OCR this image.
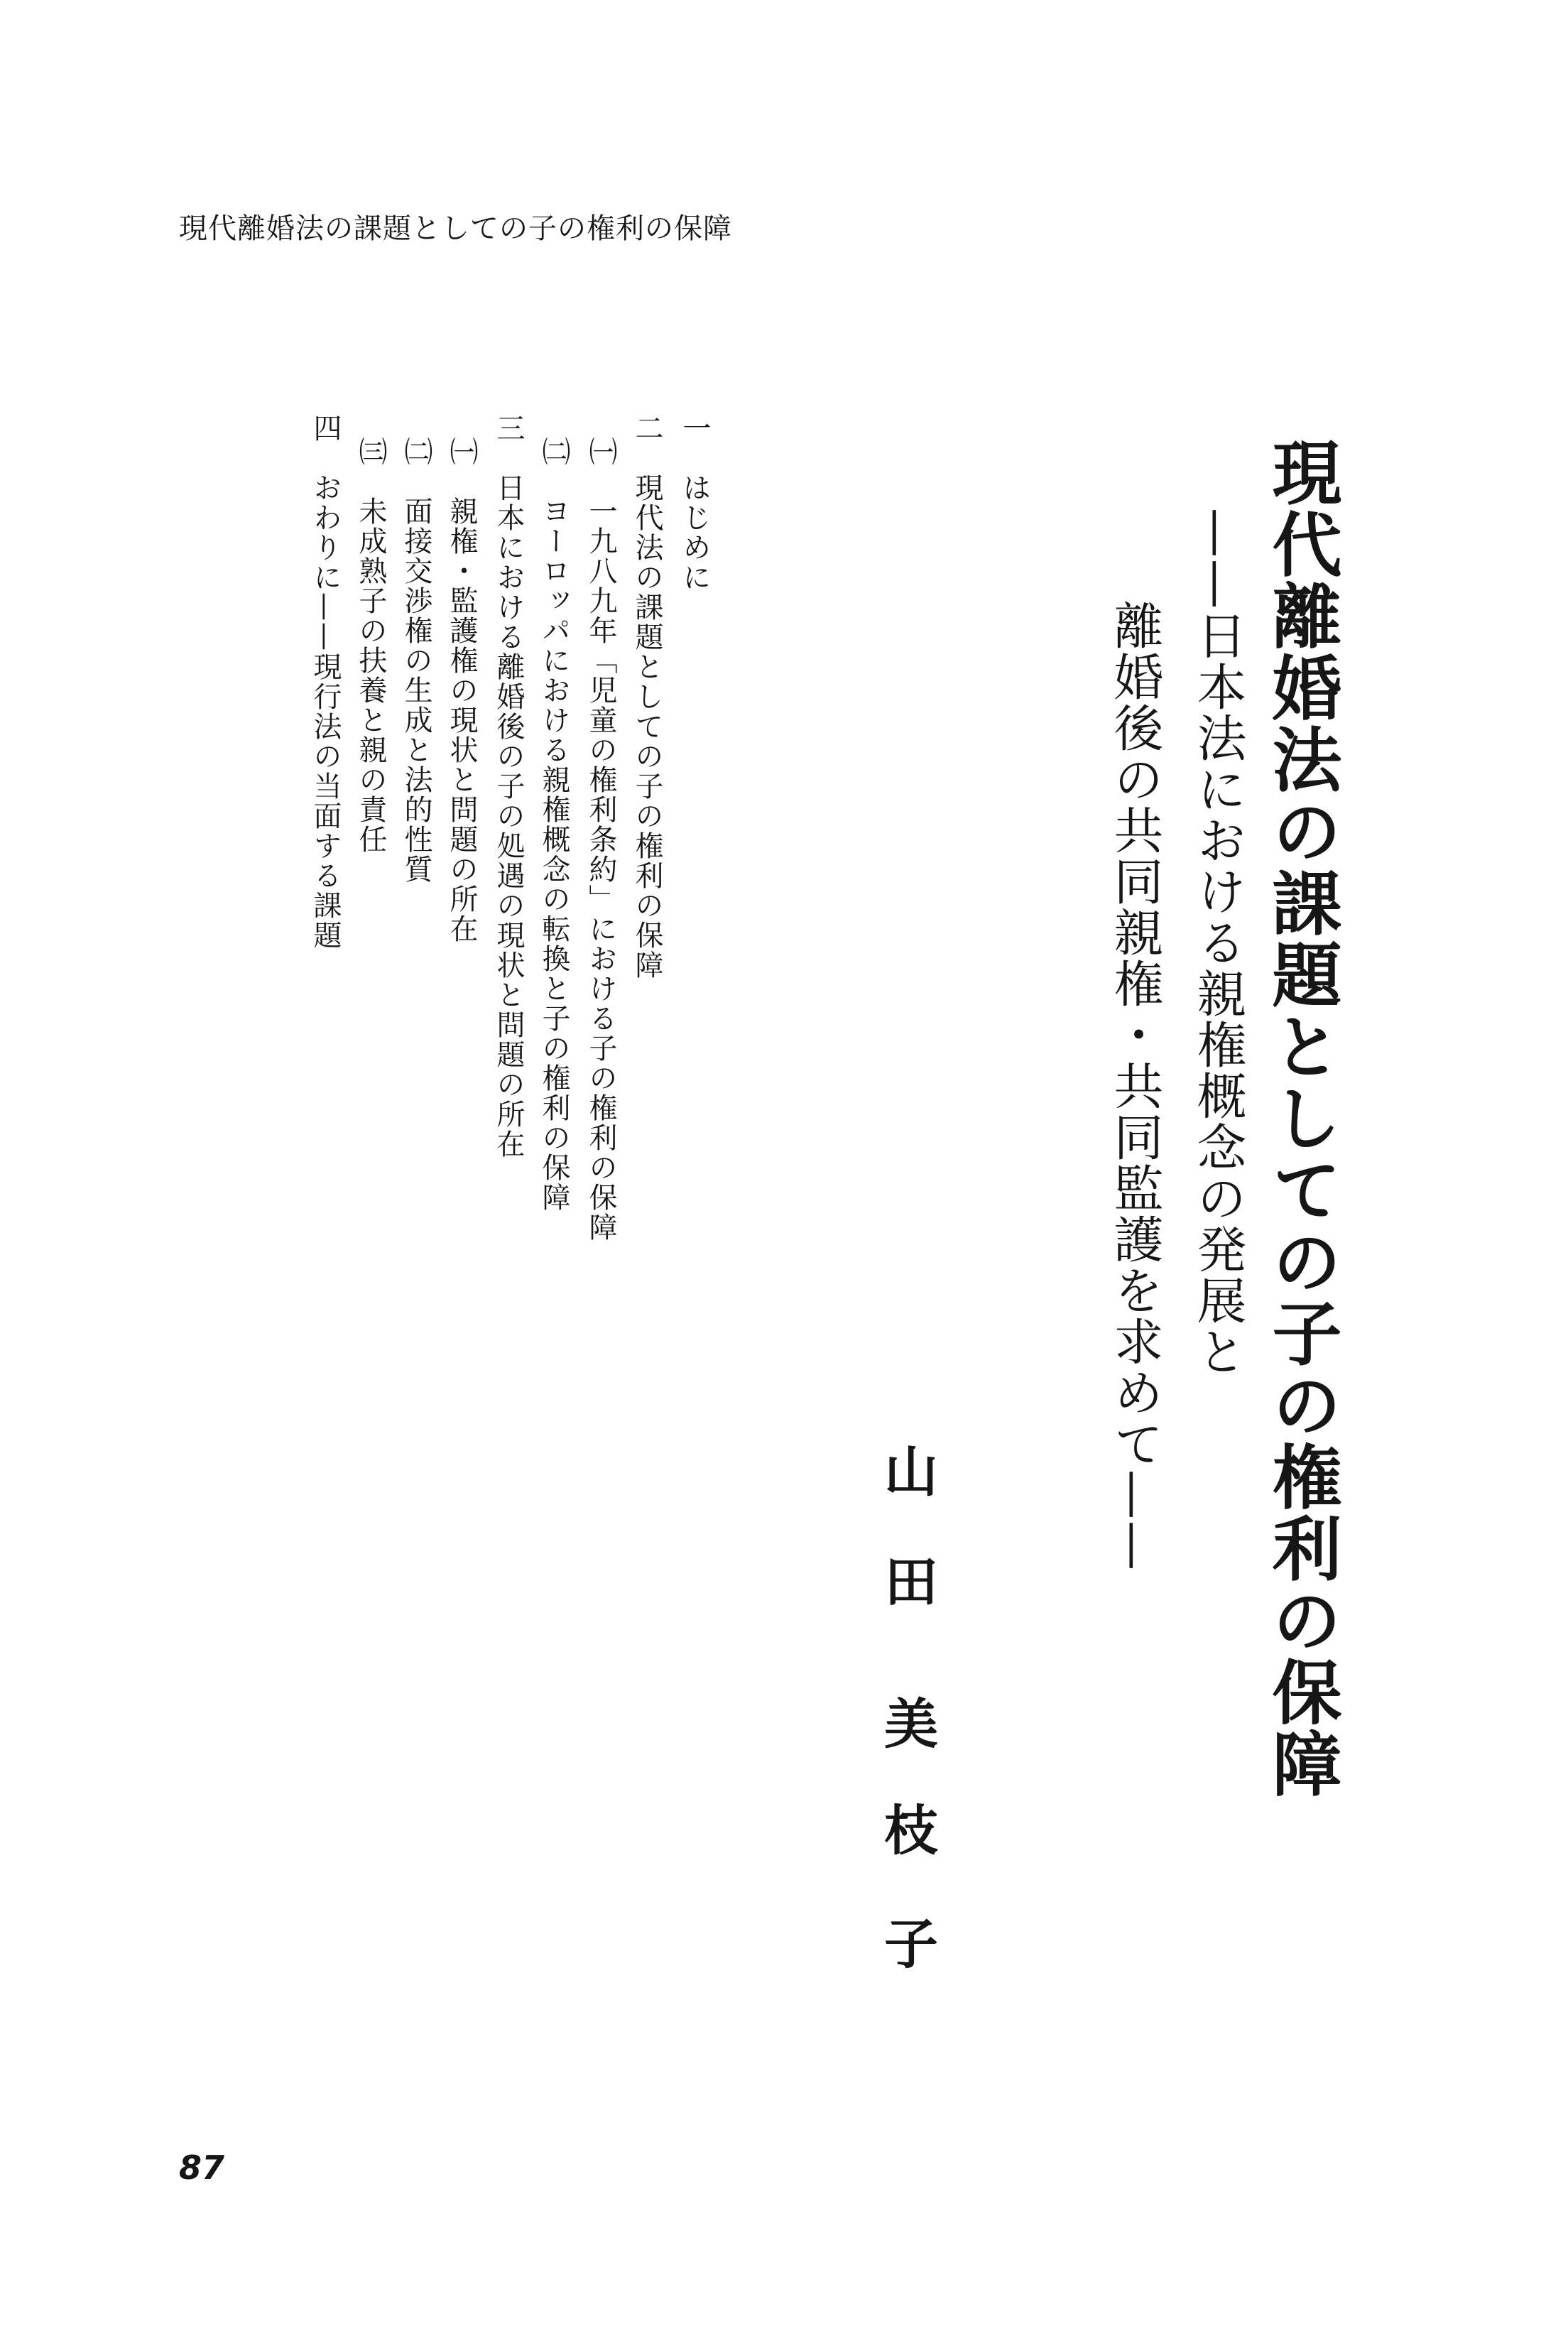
現代離婚法の課題としての子の権利の保障
現代離婚法の課題としての子の権利の保障
——日本法における親権概念の発展と
離婚後の共同親権・共同監護を求めて——
山
田
美
枝
子
一はじめに
二現代法の課題としての子の権利の保障
㈠一九八九年「児童の権利条約」における子の権利の保障
㈡ヨーロッパにおける親権概念の転換と子の権利の保障
三日本における離婚後の子の処遇の現状と問題の所在
㈠親権・監護権の現状と問題の所在
㈡面接交渉権の生成と法的性質
㈢未成熟子の扶養と親の責任
四おわりに——現行法の当面する課題
87
